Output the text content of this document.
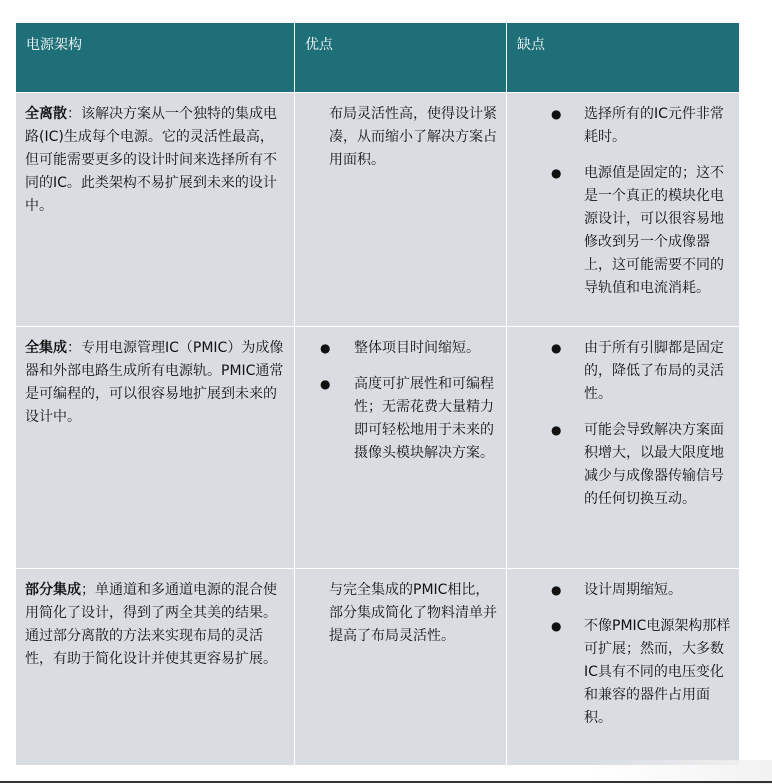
电源架构	优点	缺点
全离散：该解决方案从一个独特的集成电路(IC)生成每个电源。它的灵活性最高，但可能需要更多的设计时间来选择所有不同的IC。此类架构不易扩展到未来的设计中。
布局灵活性高，使得设计紧凑，从而缩小了解决方案占用面积。
● 选择所有的IC元件非常耗时。
● 电源值是固定的；这不是一个真正的模块化电源设计，可以很容易地修改到另一个成像器上，这可能需要不同的导轨值和电流消耗。
全集成：专用电源管理IC（PMIC）为成像器和外部电路生成所有电源轨。PMIC通常是可编程的，可以很容易地扩展到未来的设计中。
● 整体项目时间缩短。
● 高度可扩展性和可编程性；无需花费大量精力即可轻松地用于未来的摄像头模块解决方案。
● 由于所有引脚都是固定的，降低了布局的灵活性。
● 可能会导致解决方案面积增大，以最大限度地减少与成像器传输信号的任何切换互动。
部分集成；单通道和多通道电源的混合使用简化了设计，得到了两全其美的结果。通过部分离散的方法来实现布局的灵活性，有助于简化设计并使其更容易扩展。
与完全集成的PMIC相比，部分集成简化了物料清单并提高了布局灵活性。
● 设计周期缩短。
● 不像PMIC电源架构那样可扩展；然而，大多数IC具有不同的电压变化和兼容的器件占用面积。
